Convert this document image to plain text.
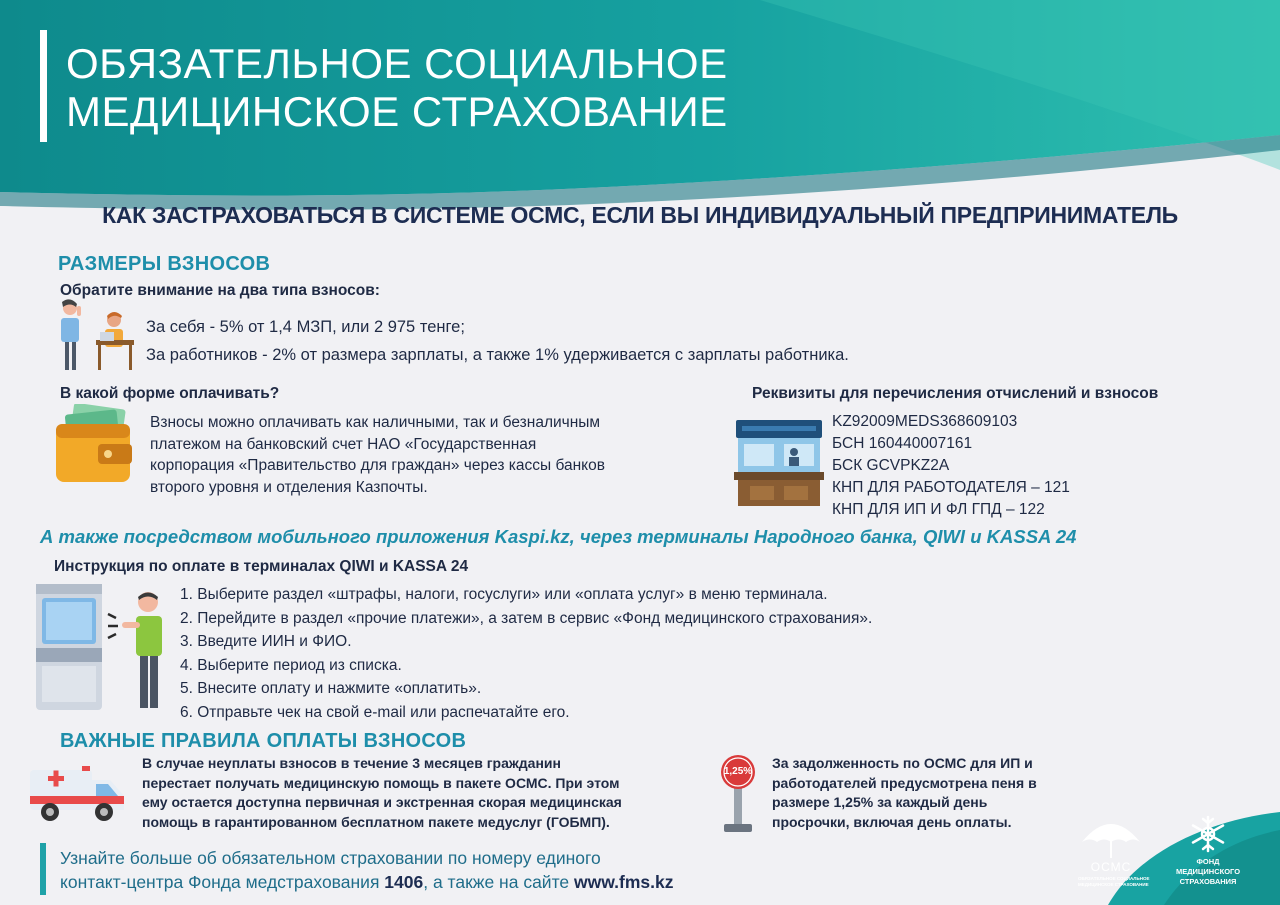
ОБЯЗАТЕЛЬНОЕ СОЦИАЛЬНОЕ
МЕДИЦИНСКОЕ СТРАХОВАНИЕ
КАК ЗАСТРАХОВАТЬСЯ В СИСТЕМЕ ОСМС, ЕСЛИ ВЫ ИНДИВИДУАЛЬНЫЙ ПРЕДПРИНИМАТЕЛЬ
РАЗМЕРЫ ВЗНОСОВ
Обратите внимание на два типа взносов:
За себя - 5% от 1,4 МЗП, или 2 975 тенге;
За работников - 2% от размера зарплаты, а также 1% удерживается с зарплаты работника.
В какой форме оплачивать?
Взносы можно оплачивать как наличными, так и безналичным
платежом на банковский счет НАО «Государственная
корпорация «Правительство для граждан» через кассы банков
второго уровня и отделения Казпочты.
Реквизиты для перечисления отчислений и взносов
KZ92009MEDS368609103
БСН 160440007161
БСК GCVPKZ2A
КНП ДЛЯ РАБОТОДАТЕЛЯ – 121
КНП ДЛЯ ИП И ФЛ ГПД – 122
А также посредством мобильного приложения Kaspi.kz, через терминалы Народного банка, QIWI и KASSA 24
Инструкция по оплате в терминалах QIWI и KASSA 24
1. Выберите раздел «штрафы, налоги, госуслуги» или «оплата услуг» в меню терминала.
2. Перейдите в раздел «прочие платежи», а затем в сервис «Фонд медицинского страхования».
3. Введите ИИН и ФИО.
4. Выберите период из списка.
5. Внесите оплату и нажмите «оплатить».
6. Отправьте чек на свой e-mail или распечатайте его.
ВАЖНЫЕ ПРАВИЛА ОПЛАТЫ ВЗНОСОВ
В случае неуплаты взносов в течение 3 месяцев гражданин
перестает получать медицинскую помощь в пакете ОСМС. При этом
ему остается доступна первичная и экстренная скорая медицинская
помощь в гарантированном бесплатном пакете медуслуг (ГОБМП).
1,25%
За задолженность по ОСМС для ИП и
работодателей предусмотрена пеня в
размере 1,25% за каждый день
просрочки, включая день оплаты.
Узнайте больше об обязательном страховании по номеру единого
контакт-центра Фонда медстрахования 1406, а также на сайте www.fms.kz
ОСМС
ОБЯЗАТЕЛЬНОЕ СОЦИАЛЬНОЕ
МЕДИЦИНСКОЕ СТРАХОВАНИЕ
ФОНД
МЕДИЦИНСКОГО
СТРАХОВАНИЯ
